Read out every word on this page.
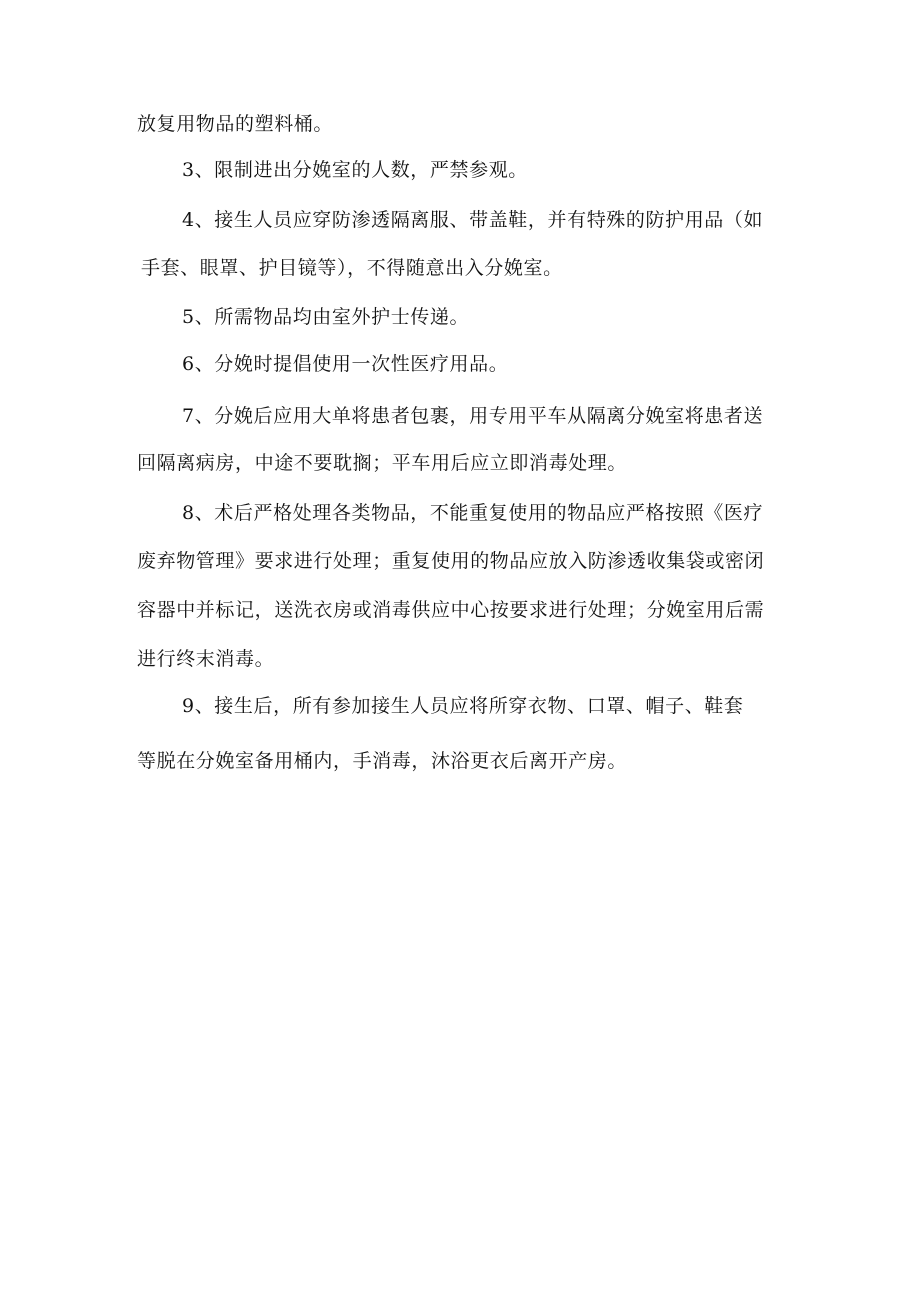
放复用物品的塑料桶。
3、限制进出分娩室的人数，严禁参观。
4、接生人员应穿防渗透隔离服、带盖鞋，并有特殊的防护用品（如
手套、眼罩、护目镜等），不得随意出入分娩室。
5、所需物品均由室外护士传递。
6、分娩时提倡使用一次性医疗用品。
7、分娩后应用大单将患者包裹，用专用平车从隔离分娩室将患者送
回隔离病房，中途不要耽搁；平车用后应立即消毒处理。
8、术后严格处理各类物品，不能重复使用的物品应严格按照《医疗
废弃物管理》要求进行处理；重复使用的物品应放入防渗透收集袋或密闭
容器中并标记，送洗衣房或消毒供应中心按要求进行处理；分娩室用后需
进行终末消毒。
9、接生后，所有参加接生人员应将所穿衣物、口罩、帽子、鞋套
等脱在分娩室备用桶内，手消毒，沐浴更衣后离开产房。
